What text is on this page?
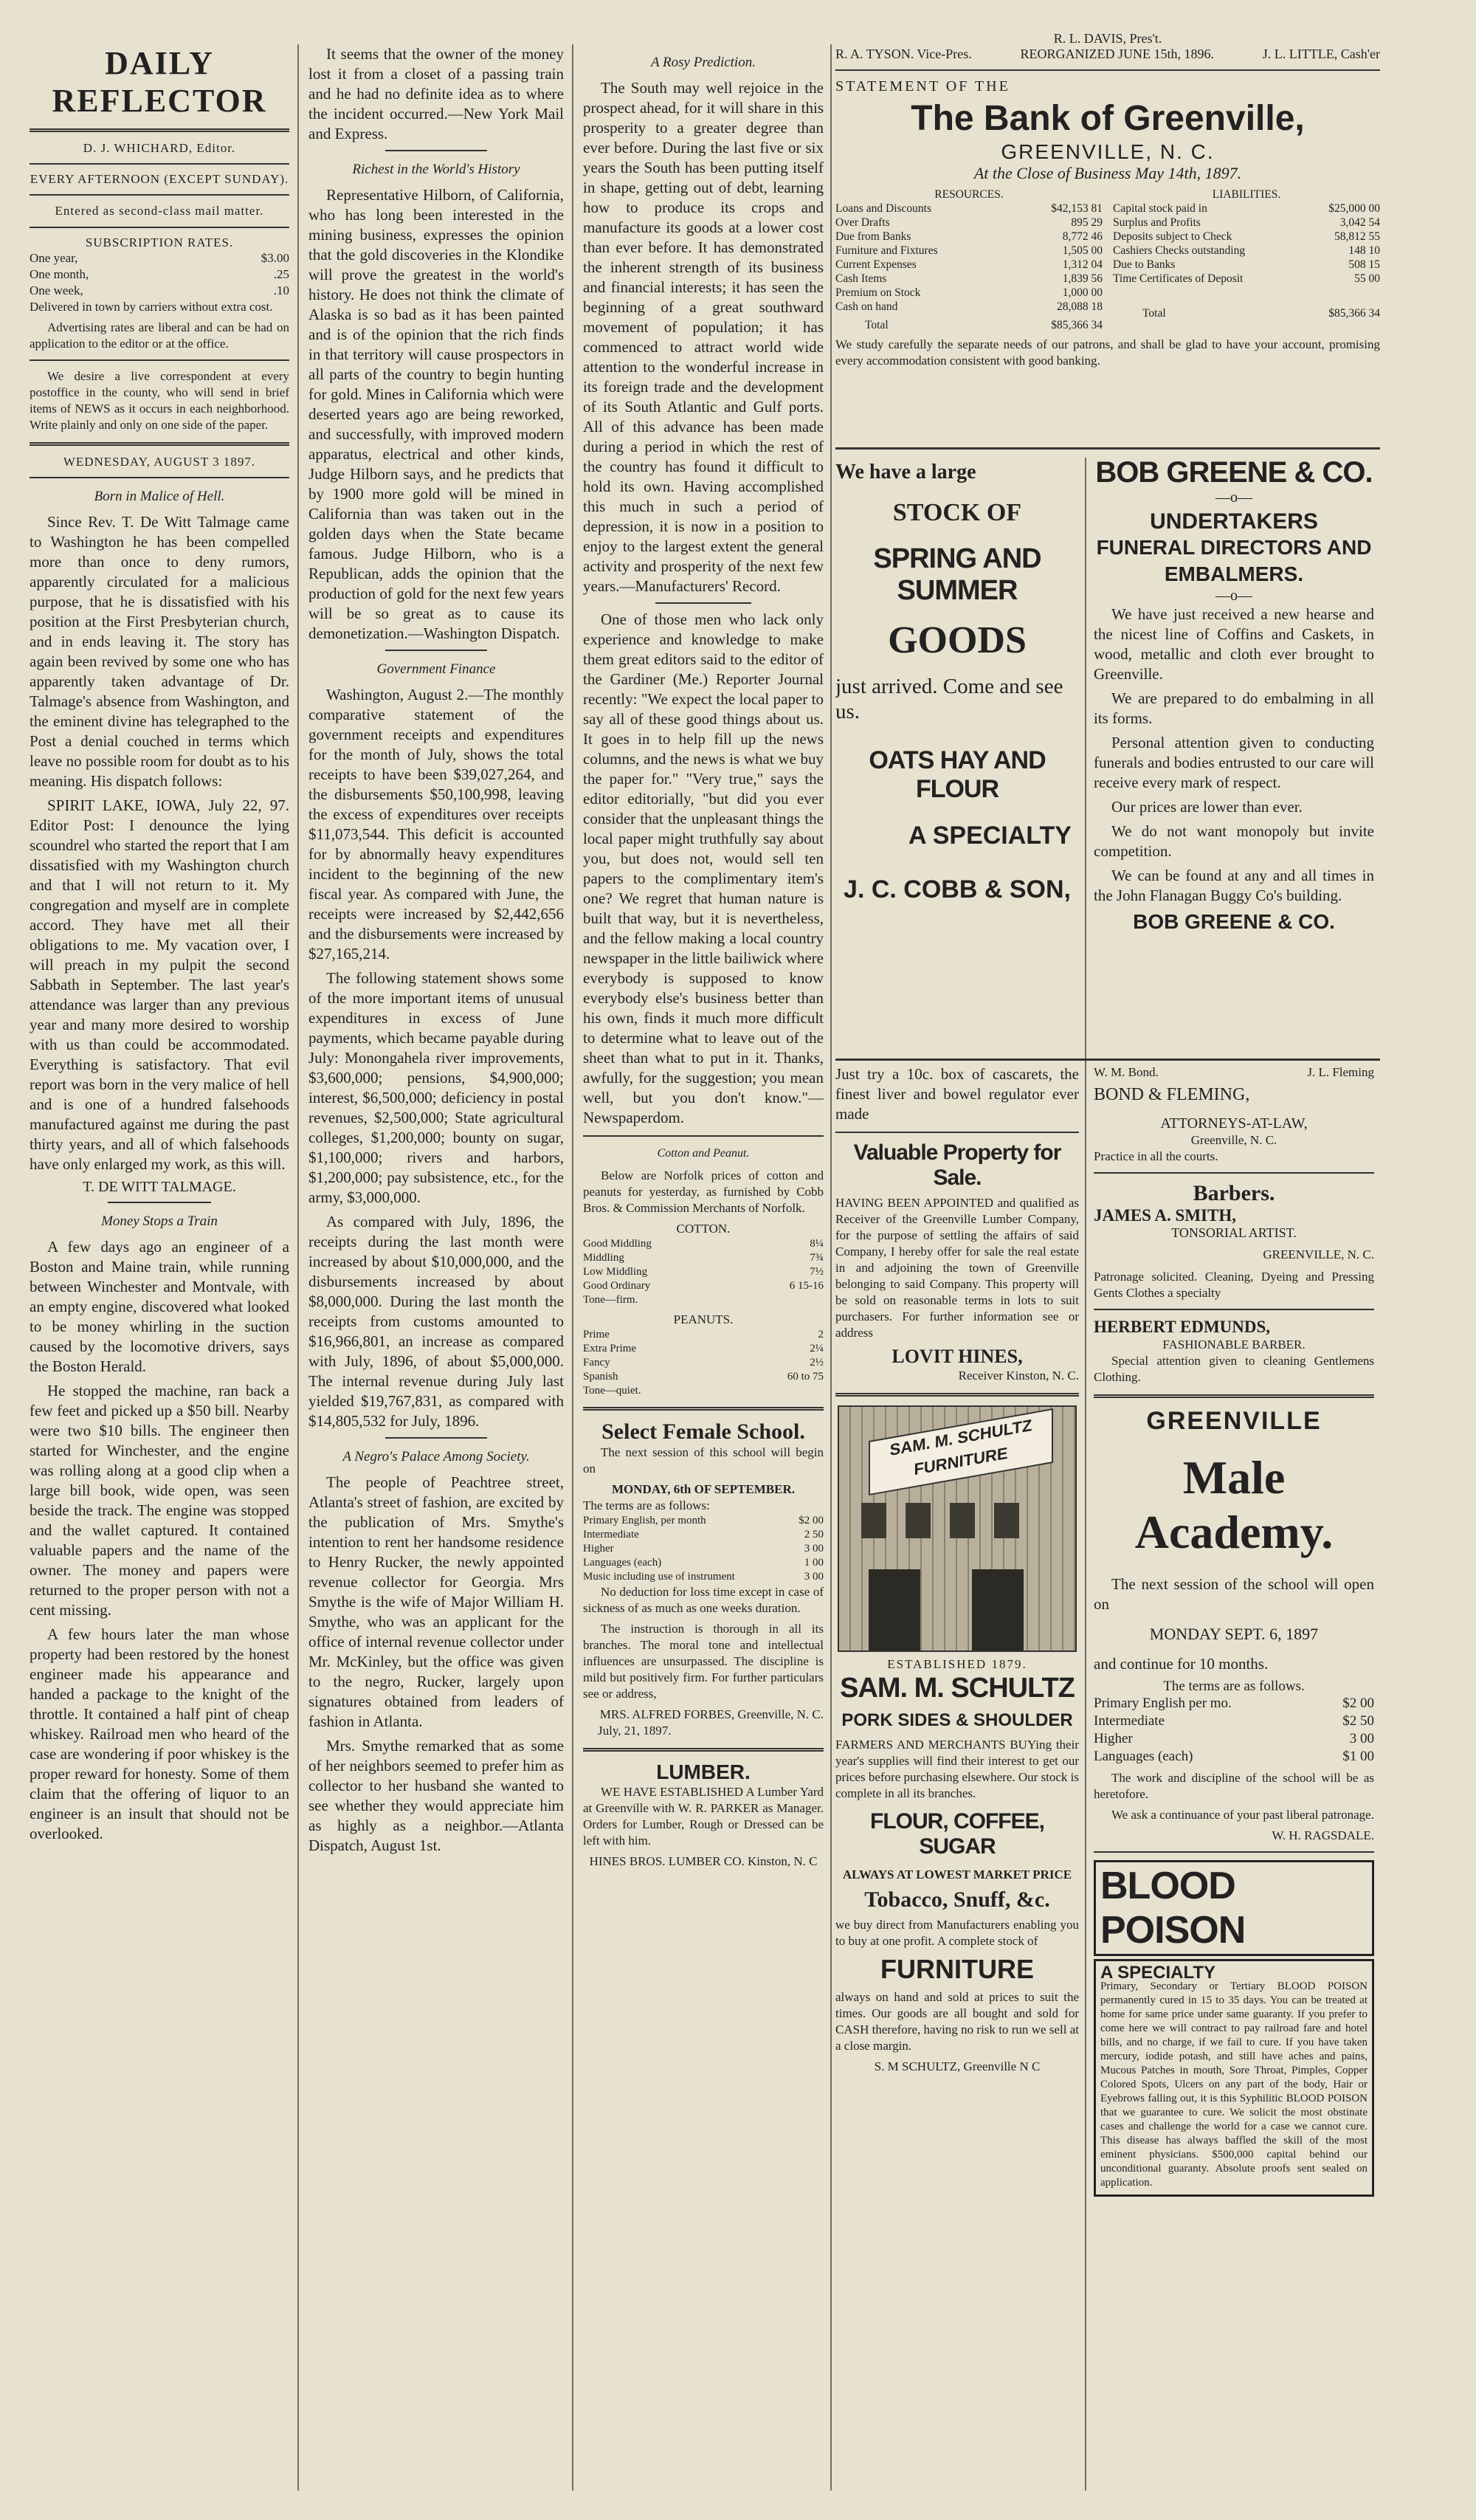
DAILY REFLECTOR
D. J. WHICHARD, Editor.
EVERY AFTERNOON (EXCEPT SUNDAY).
Entered as second-class mail matter.
SUBSCRIPTION RATES.
One year,	$3.00
One month,	.25
One week,	.10

Delivered in town by carriers without extra cost.

Advertising rates are liberal and can be had on application to the editor or at the office.

We desire a live correspondent at every postoffice in the county, who will send in brief items of NEWS as it occurs in each neighborhood. Write plainly and only on one side of the paper.

WEDNESDAY, AUGUST 3 1897.
Born in Malice of Hell.

Since Rev. T. De Witt Talmage came to Washington he has been compelled more than once to deny rumors, apparently circulated for a malicious purpose, that he is dissatisfied with his position at the First Presbyterian church, and in ends leaving it. The story has again been revived by some one who has apparently taken advantage of Dr. Talmage's absence from Washington, and the eminent divine has telegraphed to the Post a denial couched in terms which leave no possible room for doubt as to his meaning. His dispatch follows:

SPIRIT LAKE, IOWA, July 22, 97. Editor Post: I denounce the lying scoundrel who started the report that I am dissatisfied with my Washington church and that I will not return to it. My congregation and myself are in complete accord. They have met all their obligations to me. My vacation over, I will preach in my pulpit the second Sabbath in September. The last year's attendance was larger than any previous year and many more desired to worship with us than could be accommodated. Everything is satisfactory. That evil report was born in the very malice of hell and is one of a hundred falsehoods manufactured against me during the past thirty years, and all of which falsehoods have only enlarged my work, as this will.

T. DE WITT TALMAGE.
Money Stops a Train

A few days ago an engineer of a Boston and Maine train, while running between Winchester and Montvale, with an empty engine, discovered what looked to be money whirling in the suction caused by the locomotive drivers, says the Boston Herald.

He stopped the machine, ran back a few feet and picked up a $50 bill. Nearby were two $10 bills. The engineer then started for Winchester, and the engine was rolling along at a good clip when a large bill book, wide open, was seen beside the track. The engine was stopped and the wallet captured. It contained valuable papers and the name of the owner. The money and papers were returned to the proper person with not a cent missing.

A few hours later the man whose property had been restored by the honest engineer made his appearance and handed a package to the knight of the throttle. It contained a half pint of cheap whiskey. Railroad men who heard of the case are wondering if poor whiskey is the proper reward for honesty. Some of them claim that the offering of liquor to an engineer is an insult that should not be overlooked.

It seems that the owner of the money lost it from a closet of a passing train and he had no definite idea as to where the incident occurred.—New York Mail and Express.

Richest in the World's History

Representative Hilborn, of California, who has long been interested in the mining business, expresses the opinion that the gold discoveries in the Klondike will prove the greatest in the world's history. He does not think the climate of Alaska is so bad as it has been painted and is of the opinion that the rich finds in that territory will cause prospectors in all parts of the country to begin hunting for gold. Mines in California which were deserted years ago are being reworked, and successfully, with improved modern apparatus, electrical and other kinds, Judge Hilborn says, and he predicts that by 1900 more gold will be mined in California than was taken out in the golden days when the State became famous. Judge Hilborn, who is a Republican, adds the opinion that the production of gold for the next few years will be so great as to cause its demonetization.—Washington Dispatch.

Government Finance

Washington, August 2.—The monthly comparative statement of the government receipts and expenditures for the month of July, shows the total receipts to have been $39,027,264, and the disbursements $50,100,998, leaving the excess of expenditures over receipts $11,073,544. This deficit is accounted for by abnormally heavy expenditures incident to the beginning of the new fiscal year. As compared with June, the receipts were increased by $2,442,656 and the disbursements were increased by $27,165,214.

The following statement shows some of the more important items of unusual expenditures in excess of June payments, which became payable during July: Monongahela river improvements, $3,600,000; pensions, $4,900,000; interest, $6,500,000; deficiency in postal revenues, $2,500,000; State agricultural colleges, $1,200,000; bounty on sugar, $1,100,000; rivers and harbors, $1,200,000; pay subsistence, etc., for the army, $3,000,000.

As compared with July, 1896, the receipts during the last month were increased by about $10,000,000, and the disbursements increased by about $8,000,000. During the last month the receipts from customs amounted to $16,966,801, an increase as compared with July, 1896, of about $5,000,000. The internal revenue during July last yielded $19,767,831, as compared with $14,805,532 for July, 1896.

A Negro's Palace Among Society.

The people of Peachtree street, Atlanta's street of fashion, are excited by the publication of Mrs. Smythe's intention to rent her handsome residence to Henry Rucker, the newly appointed revenue collector for Georgia. Mrs Smythe is the wife of Major William H. Smythe, who was an applicant for the office of internal revenue collector under Mr. McKinley, but the office was given to the negro, Rucker, largely upon signatures obtained from leaders of fashion in Atlanta.

Mrs. Smythe remarked that as some of her neighbors seemed to prefer him as collector to her husband she wanted to see whether they would appreciate him as highly as a neighbor.—Atlanta Dispatch, August 1st.

A Rosy Prediction.

The South may well rejoice in the prospect ahead, for it will share in this prosperity to a greater degree than ever before. During the last five or six years the South has been putting itself in shape, getting out of debt, learning how to produce its crops and manufacture its goods at a lower cost than ever before. It has demonstrated the inherent strength of its business and financial interests; it has seen the beginning of a great southward movement of population; it has commenced to attract world wide attention to the wonderful increase in its foreign trade and the development of its South Atlantic and Gulf ports. All of this advance has been made during a period in which the rest of the country has found it difficult to hold its own. Having accomplished this much in such a period of depression, it is now in a position to enjoy to the largest extent the general activity and prosperity of the next few years.—Manufacturers' Record.

One of those men who lack only experience and knowledge to make them great editors said to the editor of the Gardiner (Me.) Reporter Journal recently: "We expect the local paper to say all of these good things about us. It goes in to help fill up the news columns, and the news is what we buy the paper for." "Very true," says the editor editorially, "but did you ever consider that the unpleasant things the local paper might truthfully say about you, but does not, would sell ten papers to the complimentary item's one? We regret that human nature is built that way, but it is nevertheless, and the fellow making a local country newspaper in the little bailiwick where everybody is supposed to know everybody else's business better than his own, finds it much more difficult to determine what to leave out of the sheet than what to put in it. Thanks, awfully, for the suggestion; you mean well, but you don't know."—Newspaperdom.

Cotton and Peanut.

Below are Norfolk prices of cotton and peanuts for yesterday, as furnished by Cobb Bros. & Commission Merchants of Norfolk.

COTTON.
Good Middling	8¼
Middling	7¾
Low Middling	7½
Good Ordinary	6 15-16
Tone—firm.	
PEANUTS.
Prime	2
Extra Prime	2¼
Fancy	2½
Spanish	60 to 75
Tone—quiet.	
Select Female School.

The next session of this school will begin on

MONDAY, 6th OF SEPTEMBER.
The terms are as follows:
Primary English, per month	$2 00
Intermediate	2 50
Higher	3 00
Languages (each)	1 00
Music including use of instrument	3 00

No deduction for loss time except in case of sickness of as much as one weeks duration.

The instruction is thorough in all its branches. The moral tone and intellectual influences are unsurpassed. The discipline is mild but positively firm. For further particulars see or address,

MRS. ALFRED FORBES, Greenville, N. C.
July, 21, 1897.
LUMBER.

WE HAVE ESTABLISHED A Lumber Yard at Greenville with W. R. PARKER as Manager. Orders for Lumber, Rough or Dressed can be left with him.

HINES BROS. LUMBER CO. Kinston, N. C
R. L. DAVIS, Pres't.
R. A. TYSON. Vice-Pres.	REORGANIZED JUNE 15th, 1896.	J. L. LITTLE, Cash'er
STATEMENT OF THE
The Bank of Greenville,
GREENVILLE, N. C.
At the Close of Business May 14th, 1897.
RESOURCES.
Loans and Discounts	$42,153 81
Over Drafts	895 29
Due from Banks	8,772 46
Furniture and Fixtures	1,505 00
Current Expenses	1,312 04
Cash Items	1,839 56
Premium on Stock	1,000 00
Cash on hand	28,088 18
Total	$85,366 34
LIABILITIES.
Capital stock paid in	$25,000 00
Surplus and Profits	3,042 54
Deposits subject to Check	58,812 55
Cashiers Checks outstanding	148 10
Due to Banks	508 15
Time Certificates of Deposit	55 00
Total	$85,366 34
We study carefully the separate needs of our patrons, and shall be glad to have your account, promising every accommodation consistent with good banking.
We have a large
STOCK OF
SPRING AND SUMMER
GOODS
just arrived. Come and see us.
OATS HAY AND FLOUR
A SPECIALTY
J. C. COBB & SON,
BOB GREENE & CO.
—o—
UNDERTAKERS
FUNERAL DIRECTORS AND EMBALMERS.
—o—

We have just received a new hearse and the nicest line of Coffins and Caskets, in wood, metallic and cloth ever brought to Greenville.

We are prepared to do embalming in all its forms.

Personal attention given to conducting funerals and bodies entrusted to our care will receive every mark of respect.

Our prices are lower than ever.

We do not want monopoly but invite competition.

We can be found at any and all times in the John Flanagan Buggy Co's building.

BOB GREENE & CO.

Just try a 10c. box of cascarets, the finest liver and bowel regulator ever made

Valuable Property for Sale.

HAVING BEEN APPOINTED and qualified as Receiver of the Greenville Lumber Company, for the purpose of settling the affairs of said Company, I hereby offer for sale the real estate in and adjoining the town of Greenville belonging to said Company. This property will be sold on reasonable terms in lots to suit purchasers. For further information see or address

LOVIT HINES,
Receiver Kinston, N. C.
SAM. M. SCHULTZ FURNITURE
ESTABLISHED 1879.
SAM. M. SCHULTZ
PORK SIDES & SHOULDER

FARMERS AND MERCHANTS BUYing their year's supplies will find their interest to get our prices before purchasing elsewhere. Our stock is complete in all its branches.

FLOUR, COFFEE, SUGAR
ALWAYS AT LOWEST MARKET PRICE
Tobacco, Snuff, &c.

we buy direct from Manufacturers enabling you to buy at one profit. A complete stock of

FURNITURE

always on hand and sold at prices to suit the times. Our goods are all bought and sold for CASH therefore, having no risk to run we sell at a close margin.

S. M SCHULTZ, Greenville N C
W. M. Bond.	J. L. Fleming
BOND & FLEMING,
ATTORNEYS-AT-LAW,
Greenville, N. C.
Practice in all the courts.
Barbers.
JAMES A. SMITH,
TONSORIAL ARTIST.
GREENVILLE, N. C.

Patronage solicited. Cleaning, Dyeing and Pressing Gents Clothes a specialty

HERBERT EDMUNDS,
FASHIONABLE BARBER.

Special attention given to cleaning Gentlemens Clothing.

GREENVILLE
Male Academy.

The next session of the school will open on

MONDAY SEPT. 6, 1897

and continue for 10 months.

The terms are as follows.
Primary English per mo.	$2 00
Intermediate	$2 50
Higher	3 00
Languages (each)	$1 00

The work and discipline of the school will be as heretofore.

We ask a continuance of your past liberal patronage.

W. H. RAGSDALE.
BLOOD POISON
A SPECIALTY
Primary, Secondary or Tertiary BLOOD POISON permanently cured in 15 to 35 days. You can be treated at home for same price under same guaranty. If you prefer to come here we will contract to pay railroad fare and hotel bills, and no charge, if we fail to cure. If you have taken mercury, iodide potash, and still have aches and pains, Mucous Patches in mouth, Sore Throat, Pimples, Copper Colored Spots, Ulcers on any part of the body, Hair or Eyebrows falling out, it is this Syphilitic BLOOD POISON that we guarantee to cure. We solicit the most obstinate cases and challenge the world for a case we cannot cure. This disease has always baffled the skill of the most eminent physicians. $500,000 capital behind our unconditional guaranty. Absolute proofs sent sealed on application.
